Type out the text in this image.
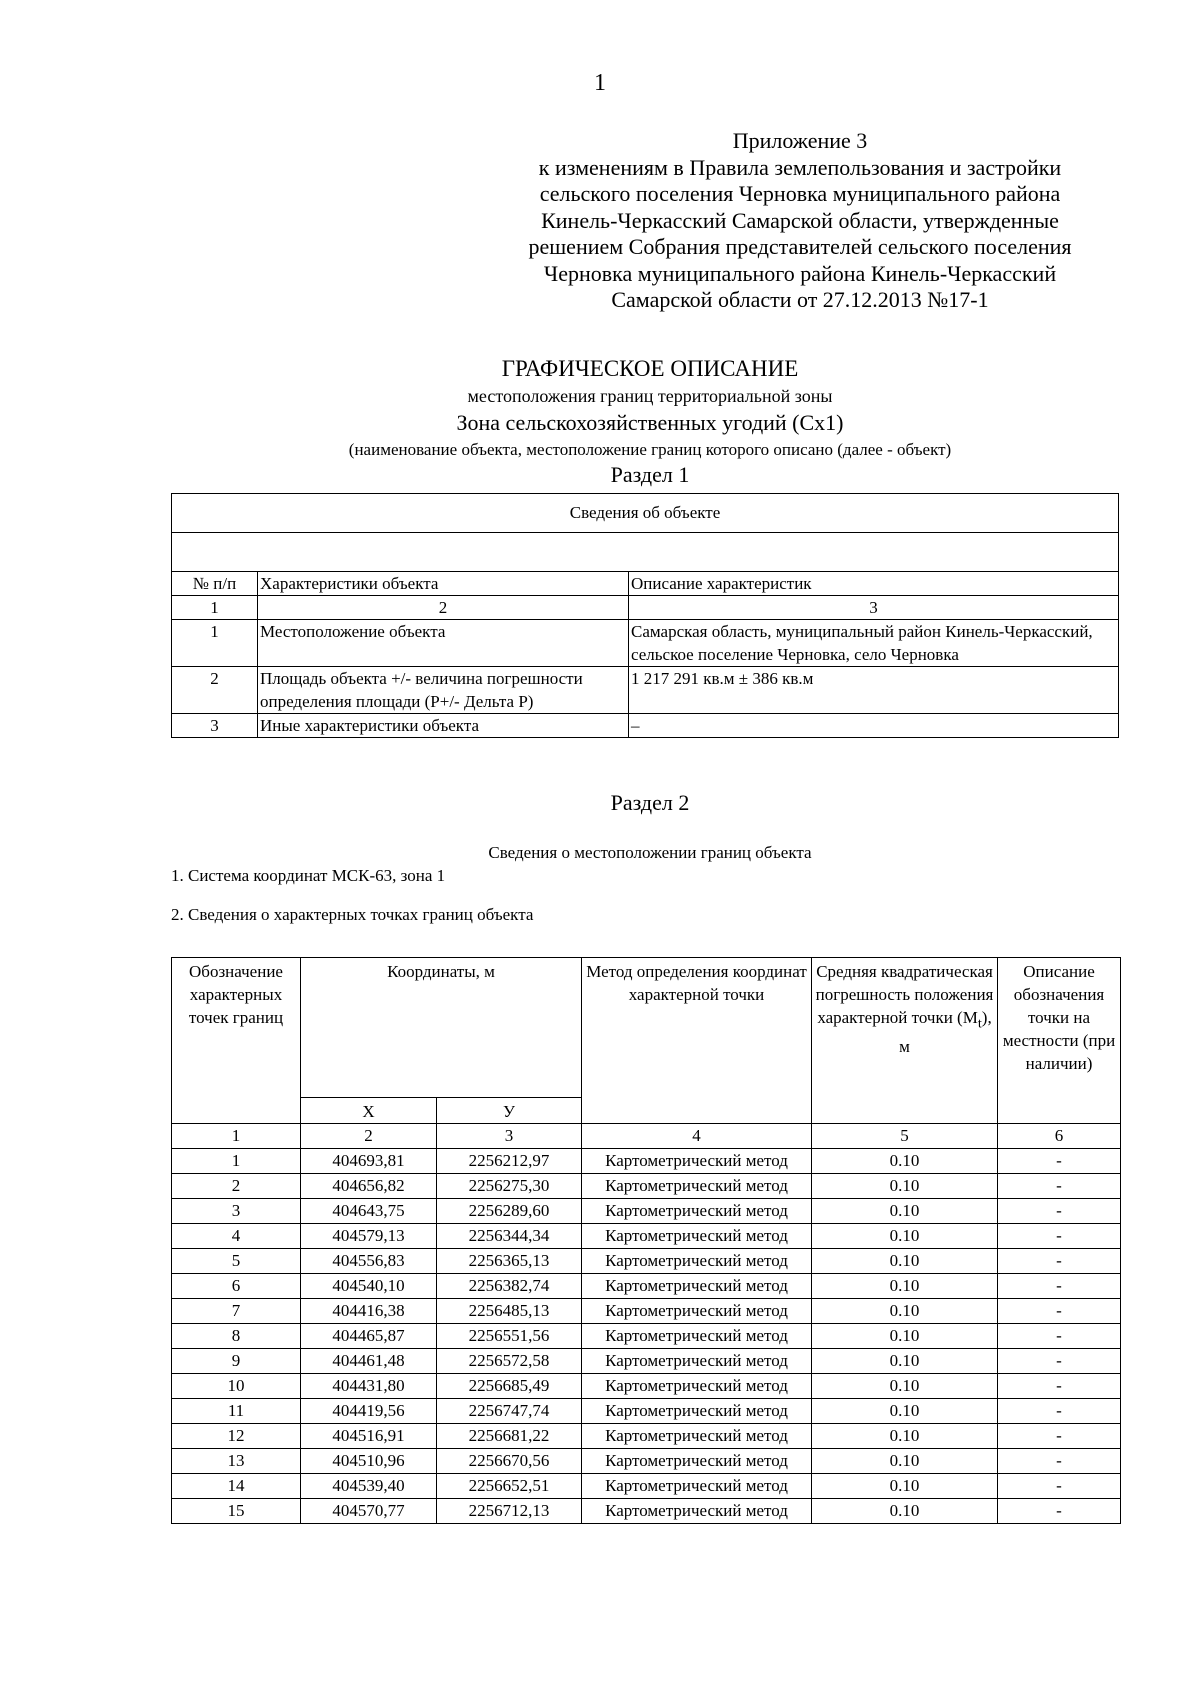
1
Приложение 3
к изменениям в Правила землепользования и застройки
сельского поселения Черновка муниципального района
Кинель-Черкасский Самарской области, утвержденные
решением Собрания представителей сельского поселения
Черновка муниципального района Кинель-Черкасский
Самарской области от 27.12.2013 №17-1
ГРАФИЧЕСКОЕ ОПИСАНИЕ
местоположения границ территориальной зоны
Зона сельскохозяйственных угодий (Сх1)
(наименование объекта, местоположение границ которого описано (далее - объект)
Раздел 1
Сведения об объекте		

№ п/п	Характеристики объекта	Описание характеристик
1	2	3
1	Местоположение объекта	Самарская область, муниципальный район Кинель-Черкасский, сельское поселение Черновка, село Черновка
2	Площадь объекта +/- величина погрешности определения площади (Р+/- Дельта Р)	1 217 291 кв.м ± 386 кв.м
3	Иные характеристики объекта	–
Раздел 2
Сведения о местоположении границ объекта
1. Система координат МСК-63, зона 1
2. Сведения о характерных точках границ объекта
Обозначение характерных точек границ	Координаты, м		Метод определения координат характерной точки	Средняя квадратическая погрешность положения характерной точки $(М_t)$, м	Описание обозначения точки на местности (при наличии)
	Х	У			
1	2	3	4	5	6
1	404693,81	2256212,97	Картометрический метод	0.10	-
2	404656,82	2256275,30	Картометрический метод	0.10	-
3	404643,75	2256289,60	Картометрический метод	0.10	-
4	404579,13	2256344,34	Картометрический метод	0.10	-
5	404556,83	2256365,13	Картометрический метод	0.10	-
6	404540,10	2256382,74	Картометрический метод	0.10	-
7	404416,38	2256485,13	Картометрический метод	0.10	-
8	404465,87	2256551,56	Картометрический метод	0.10	-
9	404461,48	2256572,58	Картометрический метод	0.10	-
10	404431,80	2256685,49	Картометрический метод	0.10	-
11	404419,56	2256747,74	Картометрический метод	0.10	-
12	404516,91	2256681,22	Картометрический метод	0.10	-
13	404510,96	2256670,56	Картометрический метод	0.10	-
14	404539,40	2256652,51	Картометрический метод	0.10	-
15	404570,77	2256712,13	Картометрический метод	0.10	-
